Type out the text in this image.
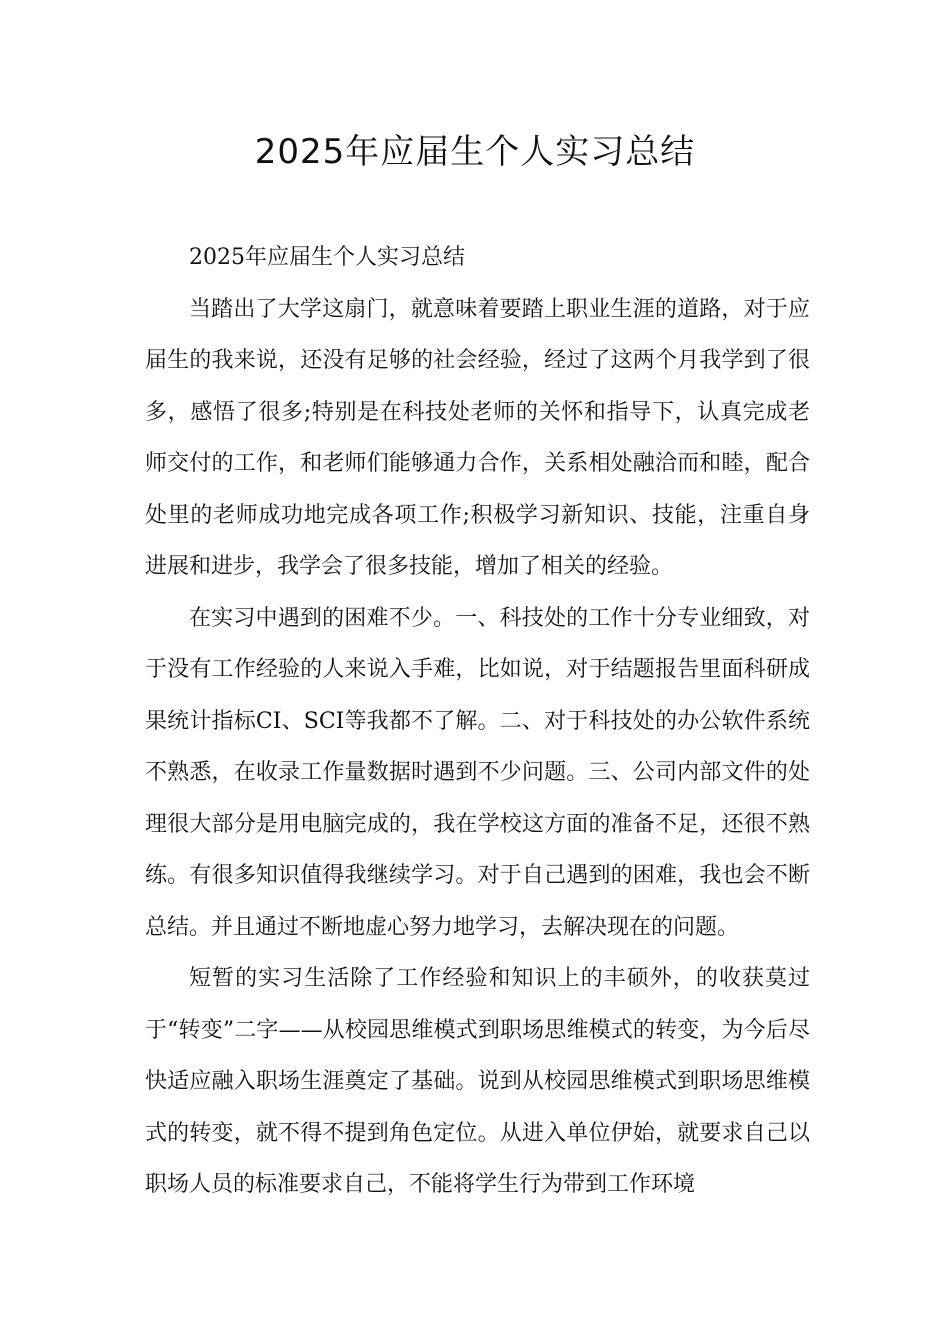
2025年应届生个人实习总结

2025年应届生个人实习总结

当踏出了大学这扇门，就意味着要踏上职业生涯的道路，对于应届生的我来说，还没有足够的社会经验，经过了这两个月我学到了很多，感悟了很多;特别是在科技处老师的关怀和指导下，认真完成老师交付的工作，和老师们能够通力合作，关系相处融洽而和睦，配合处里的老师成功地完成各项工作;积极学习新知识、技能，注重自身进展和进步，我学会了很多技能，增加了相关的经验。

在实习中遇到的困难不少。一、科技处的工作十分专业细致，对于没有工作经验的人来说入手难，比如说，对于结题报告里面科研成果统计指标CI、SCI等我都不了解。二、对于科技处的办公软件系统不熟悉，在收录工作量数据时遇到不少问题。三、公司内部文件的处理很大部分是用电脑完成的，我在学校这方面的准备不足，还很不熟练。有很多知识值得我继续学习。对于自己遇到的困难，我也会不断总结。并且通过不断地虚心努力地学习，去解决现在的问题。

短暂的实习生活除了工作经验和知识上的丰硕外，的收获莫过于“转变”二字——从校园思维模式到职场思维模式的转变，为今后尽快适应融入职场生涯奠定了基础。说到从校园思维模式到职场思维模式的转变，就不得不提到角色定位。从进入单位伊始，就要求自己以职场人员的标准要求自己，不能将学生行为带到工作环境
